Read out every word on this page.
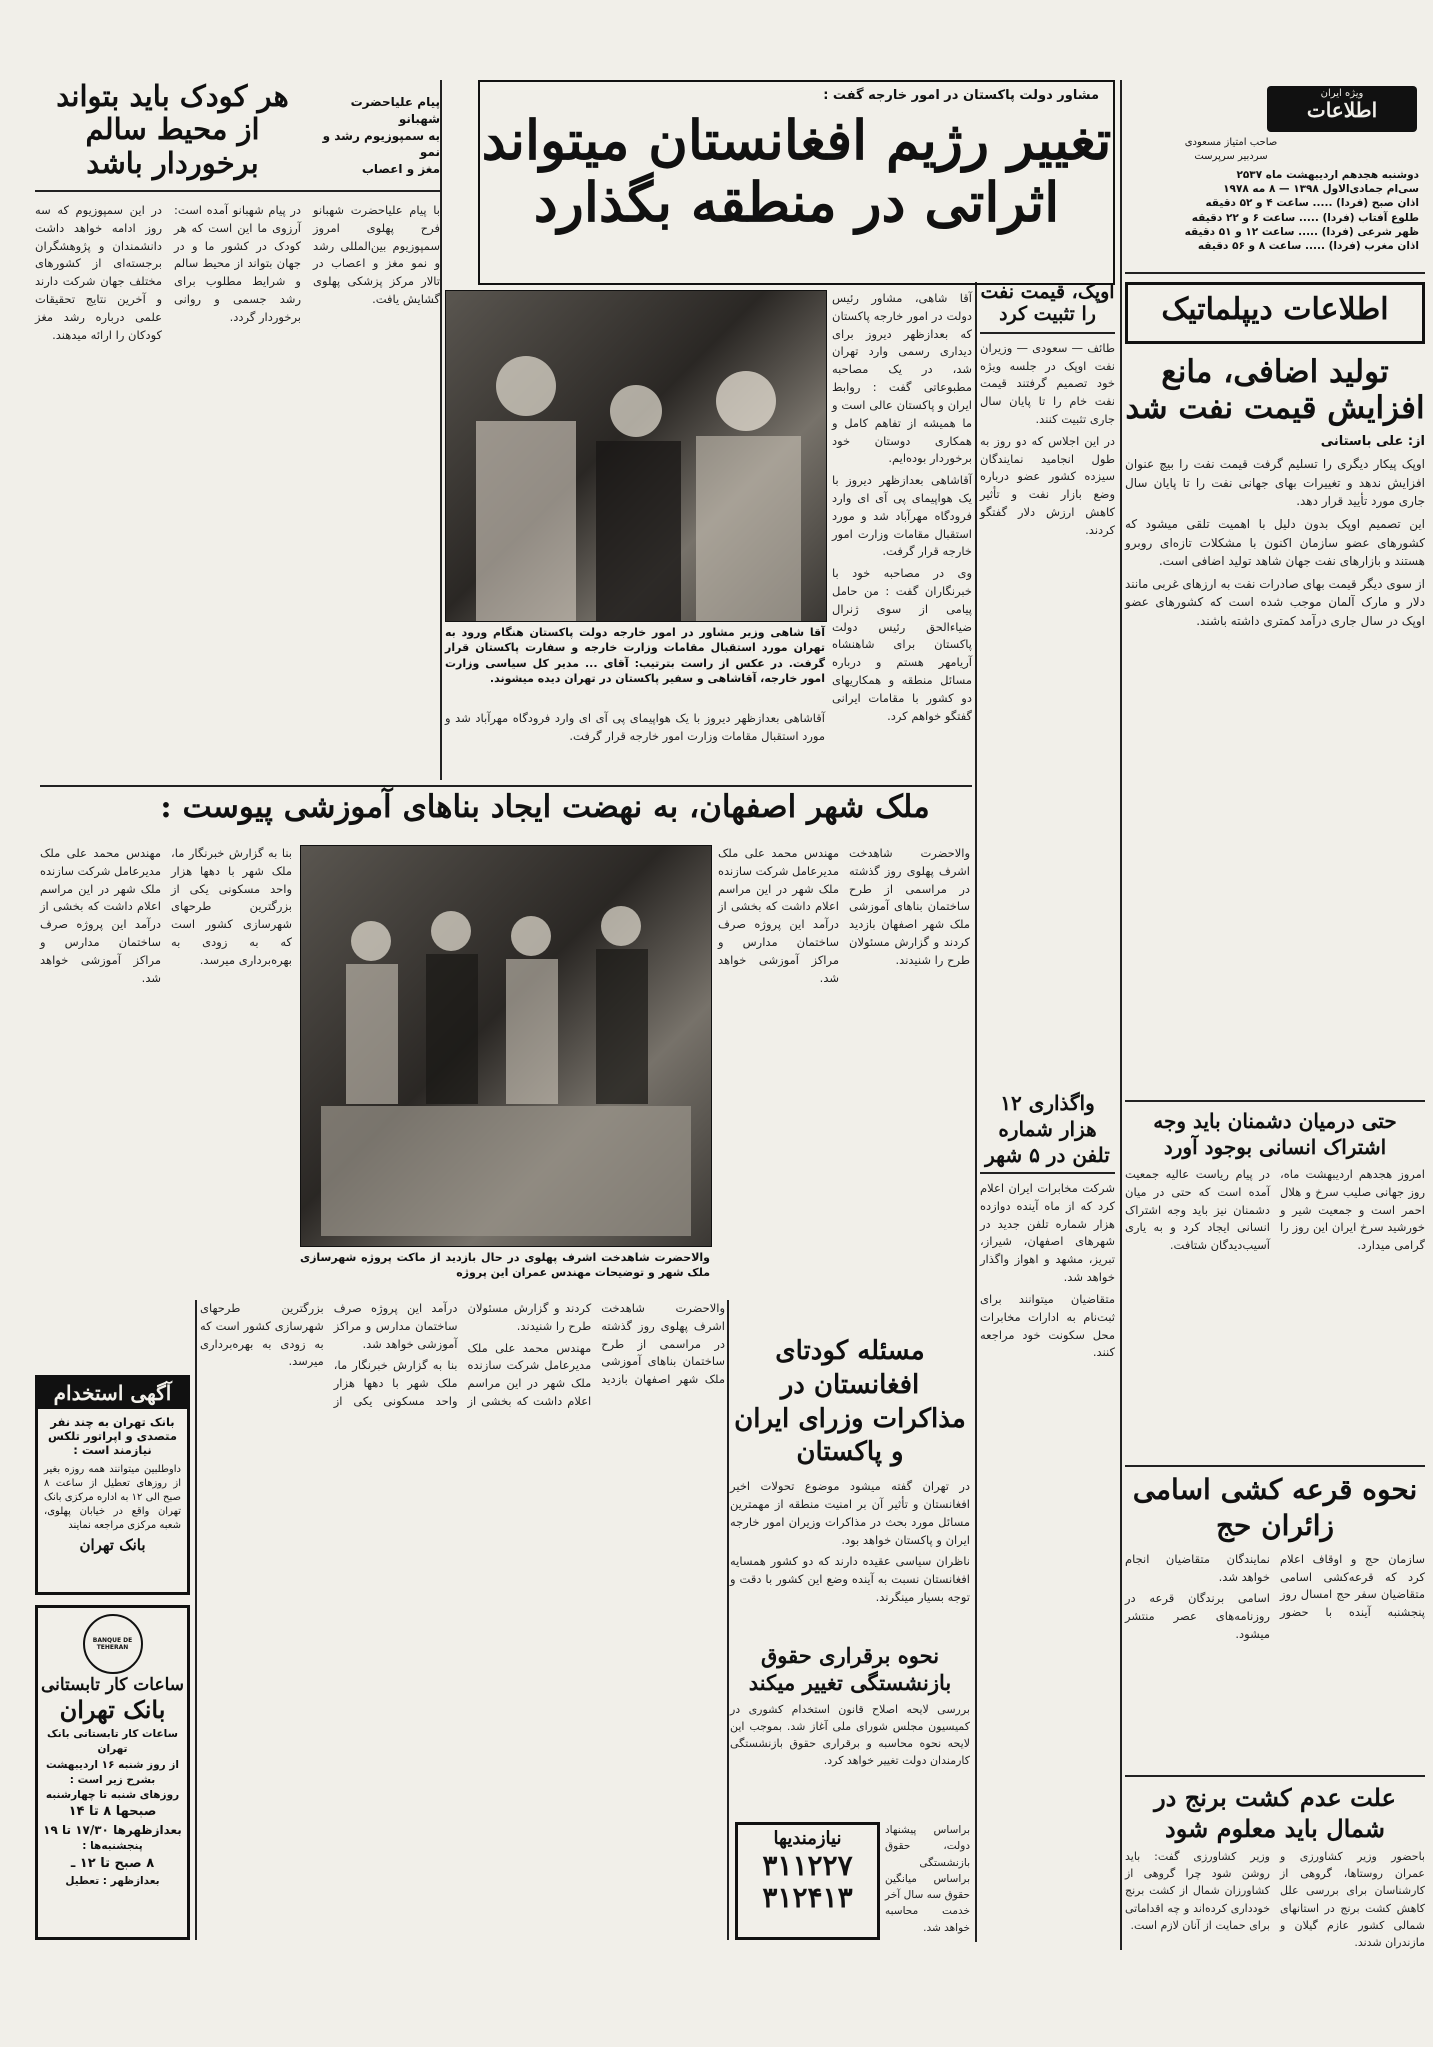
ویژه ایران
اطلاعات
صاحب امتیاز مسعودی
سردبیر سرپرست
دوشنبه هجدهم اردیبهشت ماه ۲۵۳۷
سی‌ام جمادی‌الاول ۱۳۹۸ — ۸ مه ۱۹۷۸
اذان صبح (فردا) ..... ساعت ۴ و ۵۲ دقیقه
طلوع آفتاب (فردا) ..... ساعت ۶ و ۲۲ دقیقه
ظهر شرعی (فردا) ..... ساعت ۱۲ و ۵۱ دقیقه
اذان مغرب (فردا) ..... ساعت ۸ و ۵۶ دقیقه
اطلاعات دیپلماتیک
تولید اضافی، مانع افزایش قیمت نفت شد
از: علی باستانی

اوپک پیکار دیگری را تسلیم گرفت قیمت نفت را بیچ عنوان افزایش ندهد و تغییرات بهای جهانی نفت را تا پایان سال جاری مورد تأیید قرار دهد.

این تصمیم اوپک بدون دلیل با اهمیت تلقی میشود که کشورهای عضو سازمان اکنون با مشکلات تازه‌ای روبرو هستند و بازارهای نفت جهان شاهد تولید اضافی است.

از سوی دیگر قیمت بهای صادرات نفت به ارزهای غربی مانند دلار و مارک آلمان موجب شده است که کشورهای عضو اوپک در سال جاری درآمد کمتری داشته باشند.

اوپک، قیمت نفت را تثبیت کرد

طائف — سعودی — وزیران نفت اوپک در جلسه ویژه خود تصمیم گرفتند قیمت نفت خام را تا پایان سال جاری تثبیت کنند.

در این اجلاس که دو روز به طول انجامید نمایندگان سیزده کشور عضو درباره وضع بازار نفت و تأثیر کاهش ارزش دلار گفتگو کردند.

مشاور دولت پاکستان در امور خارجه گفت :
تغییر رژیم افغانستان میتواند
اثراتی در منطقه بگذارد
آقا شاهی وزیر مشاور در امور خارجه دولت پاکستان هنگام ورود به تهران مورد استقبال مقامات وزارت خارجه و سفارت پاکستان قرار گرفت. در عکس از راست بترتیب: آقای ... مدیر کل سیاسی وزارت امور خارجه، آقاشاهی و سفیر پاکستان در تهران دیده میشوند.

آقا شاهی، مشاور رئیس دولت در امور خارجه پاکستان که بعدازظهر دیروز برای دیداری رسمی وارد تهران شد، در یک مصاحبه مطبوعاتی گفت : روابط ایران و پاکستان عالی است و ما همیشه از تفاهم کامل و همکاری دوستان خود برخوردار بوده‌ایم.

آقاشاهی بعدازظهر دیروز با یک هواپیمای پی آی ای وارد فرودگاه مهرآباد شد و مورد استقبال مقامات وزارت امور خارجه قرار گرفت.

وی در مصاحبه خود با خبرنگاران گفت : من حامل پیامی از سوی ژنرال ضیاءالحق رئیس دولت پاکستان برای شاهنشاه آریامهر هستم و درباره مسائل منطقه و همکاریهای دو کشور با مقامات ایرانی گفتگو خواهم کرد.

آقاشاهی بعدازظهر دیروز با یک هواپیمای پی آی ای وارد فرودگاه مهرآباد شد و مورد استقبال مقامات وزارت امور خارجه قرار گرفت.

پیام علیاحضرت شهبانو
به سمپوزیوم رشد و نمو
مغز و اعصاب
هر کودک باید بتواند
از محیط سالم
برخوردار باشد

با پیام علیاحضرت شهبانو فرح پهلوی امروز سمپوزیوم بین‌المللی رشد و نمو مغز و اعصاب در تالار مرکز پزشکی پهلوی گشایش یافت.

در پیام شهبانو آمده است: آرزوی ما این است که هر کودک در کشور ما و در جهان بتواند از محیط سالم و شرایط مطلوب برای رشد جسمی و روانی برخوردار گردد.

در این سمپوزیوم که سه روز ادامه خواهد داشت دانشمندان و پژوهشگران برجسته‌ای از کشورهای مختلف جهان شرکت دارند و آخرین نتایج تحقیقات علمی درباره رشد مغز کودکان را ارائه میدهند.

ملک شهر اصفهان، به نهضت ایجاد بناهای آموزشی پیوست :
والاحضرت شاهدخت اشرف پهلوی در حال بازدید از ماکت پروژه شهرسازی ملک شهر و توضیحات مهندس عمران این پروژه

والاحضرت شاهدخت اشرف پهلوی روز گذشته در مراسمی از طرح ساختمان بناهای آموزشی ملک شهر اصفهان بازدید کردند و گزارش مسئولان طرح را شنیدند.

مهندس محمد علی ملک مدیرعامل شرکت سازنده ملک شهر در این مراسم اعلام داشت که بخشی از درآمد این پروژه صرف ساختمان مدارس و مراکز آموزشی خواهد شد.

بنا به گزارش خبرنگار ما، ملک شهر با دهها هزار واحد مسکونی یکی از بزرگترین طرحهای شهرسازی کشور است که به زودی به بهره‌برداری میرسد.

مهندس محمد علی ملک مدیرعامل شرکت سازنده ملک شهر در این مراسم اعلام داشت که بخشی از درآمد این پروژه صرف ساختمان مدارس و مراکز آموزشی خواهد شد.

والاحضرت شاهدخت اشرف پهلوی روز گذشته در مراسمی از طرح ساختمان بناهای آموزشی ملک شهر اصفهان بازدید کردند و گزارش مسئولان طرح را شنیدند.

مهندس محمد علی ملک مدیرعامل شرکت سازنده ملک شهر در این مراسم اعلام داشت که بخشی از درآمد این پروژه صرف ساختمان مدارس و مراکز آموزشی خواهد شد.

بنا به گزارش خبرنگار ما، ملک شهر با دهها هزار واحد مسکونی یکی از بزرگترین طرحهای شهرسازی کشور است که به زودی به بهره‌برداری میرسد.

آگهی استخدام
بانک تهران به چند نفر متصدی و اپراتور تلکس نیازمند است :
داوطلبین میتوانند همه روزه بغیر از روزهای تعطیل از ساعت ۸ صبح الی ۱۲ به اداره مرکزی بانک تهران واقع در خیابان پهلوی، شعبه مرکزی مراجعه نمایند
بانک تهران
BANQUE DE TEHERAN
ساعات کار تابستانی
بانک تهران
ساعات کار تابستانی بانک تهران
از روز شنبه ۱۶ اردیبهشت
بشرح زیر است :
روزهای شنبه تا چهارشنبه
صبحها ۸ تا ۱۴
بعدازظهرها ۱۷/۳۰ تا ۱۹
پنجشنبه‌ها :
۸ صبح تا ۱۲ ـ
بعدازظهر : تعطیل
مسئله کودتای افغانستان در مذاکرات وزرای ایران و پاکستان

در تهران گفته میشود موضوع تحولات اخیر افغانستان و تأثیر آن بر امنیت منطقه از مهمترین مسائل مورد بحث در مذاکرات وزیران امور خارجه ایران و پاکستان خواهد بود.

ناظران سیاسی عقیده دارند که دو کشور همسایه افغانستان نسبت به آینده وضع این کشور با دقت و توجه بسیار مینگرند.

نحوه برقراری حقوق بازنشستگی تغییر میکند

بررسی لایحه اصلاح قانون استخدام کشوری در کمیسیون مجلس شورای ملی آغاز شد. بموجب این لایحه نحوه محاسبه و برقراری حقوق بازنشستگی کارمندان دولت تغییر خواهد کرد.

نیازمندیها
۳۱۱۲۲۷
۳۱۲۴۱۳

براساس پیشنهاد دولت، حقوق بازنشستگی براساس میانگین حقوق سه سال آخر خدمت محاسبه خواهد شد.

واگذاری ۱۲ هزار شماره تلفن در ۵ شهر

شرکت مخابرات ایران اعلام کرد که از ماه آینده دوازده هزار شماره تلفن جدید در شهرهای اصفهان، شیراز، تبریز، مشهد و اهواز واگذار خواهد شد.

متقاضیان میتوانند برای ثبت‌نام به ادارات مخابرات محل سکونت خود مراجعه کنند.

حتی درمیان دشمنان باید وجه اشتراک انسانی بوجود آورد

امروز هجدهم اردیبهشت ماه، روز جهانی صلیب سرخ و هلال احمر است و جمعیت شیر و خورشید سرخ ایران این روز را گرامی میدارد.

در پیام ریاست عالیه جمعیت آمده است که حتی در میان دشمنان نیز باید وجه اشتراک انسانی ایجاد کرد و به یاری آسیب‌دیدگان شتافت.

نحوه قرعه کشی اسامی زائران حج

سازمان حج و اوقاف اعلام کرد که قرعه‌کشی اسامی متقاضیان سفر حج امسال روز پنجشنبه آینده با حضور نمایندگان متقاضیان انجام خواهد شد.

اسامی برندگان قرعه در روزنامه‌های عصر منتشر میشود.

علت عدم کشت برنج در شمال باید معلوم شود

باحضور وزیر کشاورزی و عمران روستاها، گروهی از کارشناسان برای بررسی علل کاهش کشت برنج در استانهای شمالی کشور عازم گیلان و مازندران شدند.

وزیر کشاورزی گفت: باید روشن شود چرا گروهی از کشاورزان شمال از کشت برنج خودداری کرده‌اند و چه اقداماتی برای حمایت از آنان لازم است.
